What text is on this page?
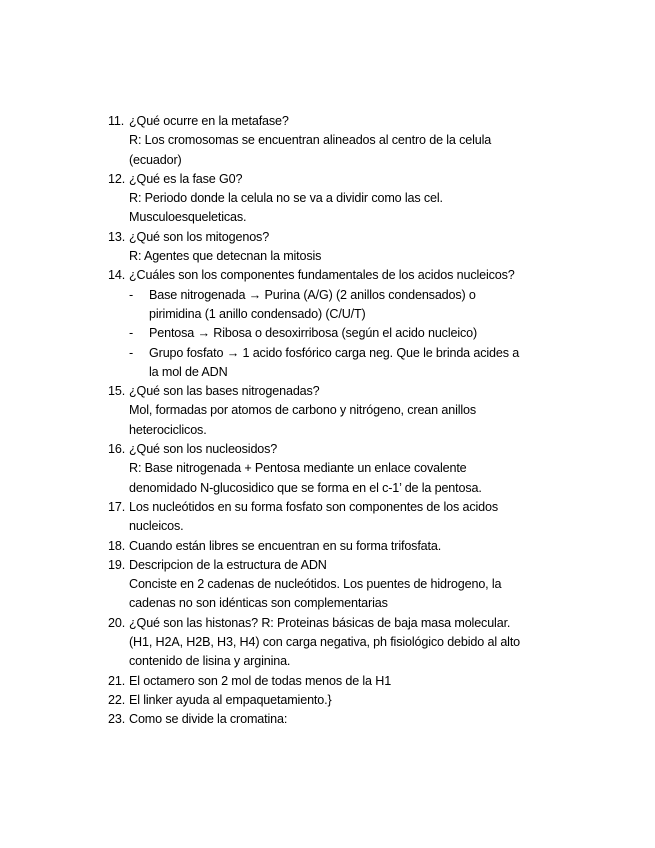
11. ¿Qué ocurre en la metafase?
R: Los cromosomas se encuentran alineados al centro de la celula
(ecuador)
12. ¿Qué es la fase G0?
R: Periodo donde la celula no se va a dividir como las cel.
Musculoesqueleticas.
13. ¿Qué son los mitogenos?
R: Agentes que detecnan la mitosis
14. ¿Cuáles son los componentes fundamentales de los acidos nucleicos?
-	Base nitrogenada → Purina (A/G) (2 anillos condensados) o
pirimidina (1 anillo condensado) (C/U/T)
-	Pentosa → Ribosa o desoxirribosa (según el acido nucleico)
-	Grupo fosfato → 1 acido fosfórico carga neg. Que le brinda acides a
la mol de ADN
15. ¿Qué son las bases nitrogenadas?
Mol, formadas por atomos de carbono y nitrógeno, crean anillos
heterociclicos.
16. ¿Qué son los nucleosidos?
R: Base nitrogenada + Pentosa mediante un enlace covalente
denomidado N-glucosidico que se forma en el c-1’ de la pentosa.
17. Los nucleótidos en su forma fosfato son componentes de los acidos
nucleicos.
18. Cuando están libres se encuentran en su forma trifosfata.
19. Descripcion de la estructura de ADN
Conciste en 2 cadenas de nucleótidos. Los puentes de hidrogeno, la
cadenas no son idénticas son complementarias
20. ¿Qué son las histonas? R: Proteinas básicas de baja masa molecular.
(H1, H2A, H2B, H3, H4) con carga negativa, ph fisiológico debido al alto
contenido de lisina y arginina.
21. El octamero son 2 mol de todas menos de la H1
22. El linker ayuda al empaquetamiento.}
23. Como se divide la cromatina:
